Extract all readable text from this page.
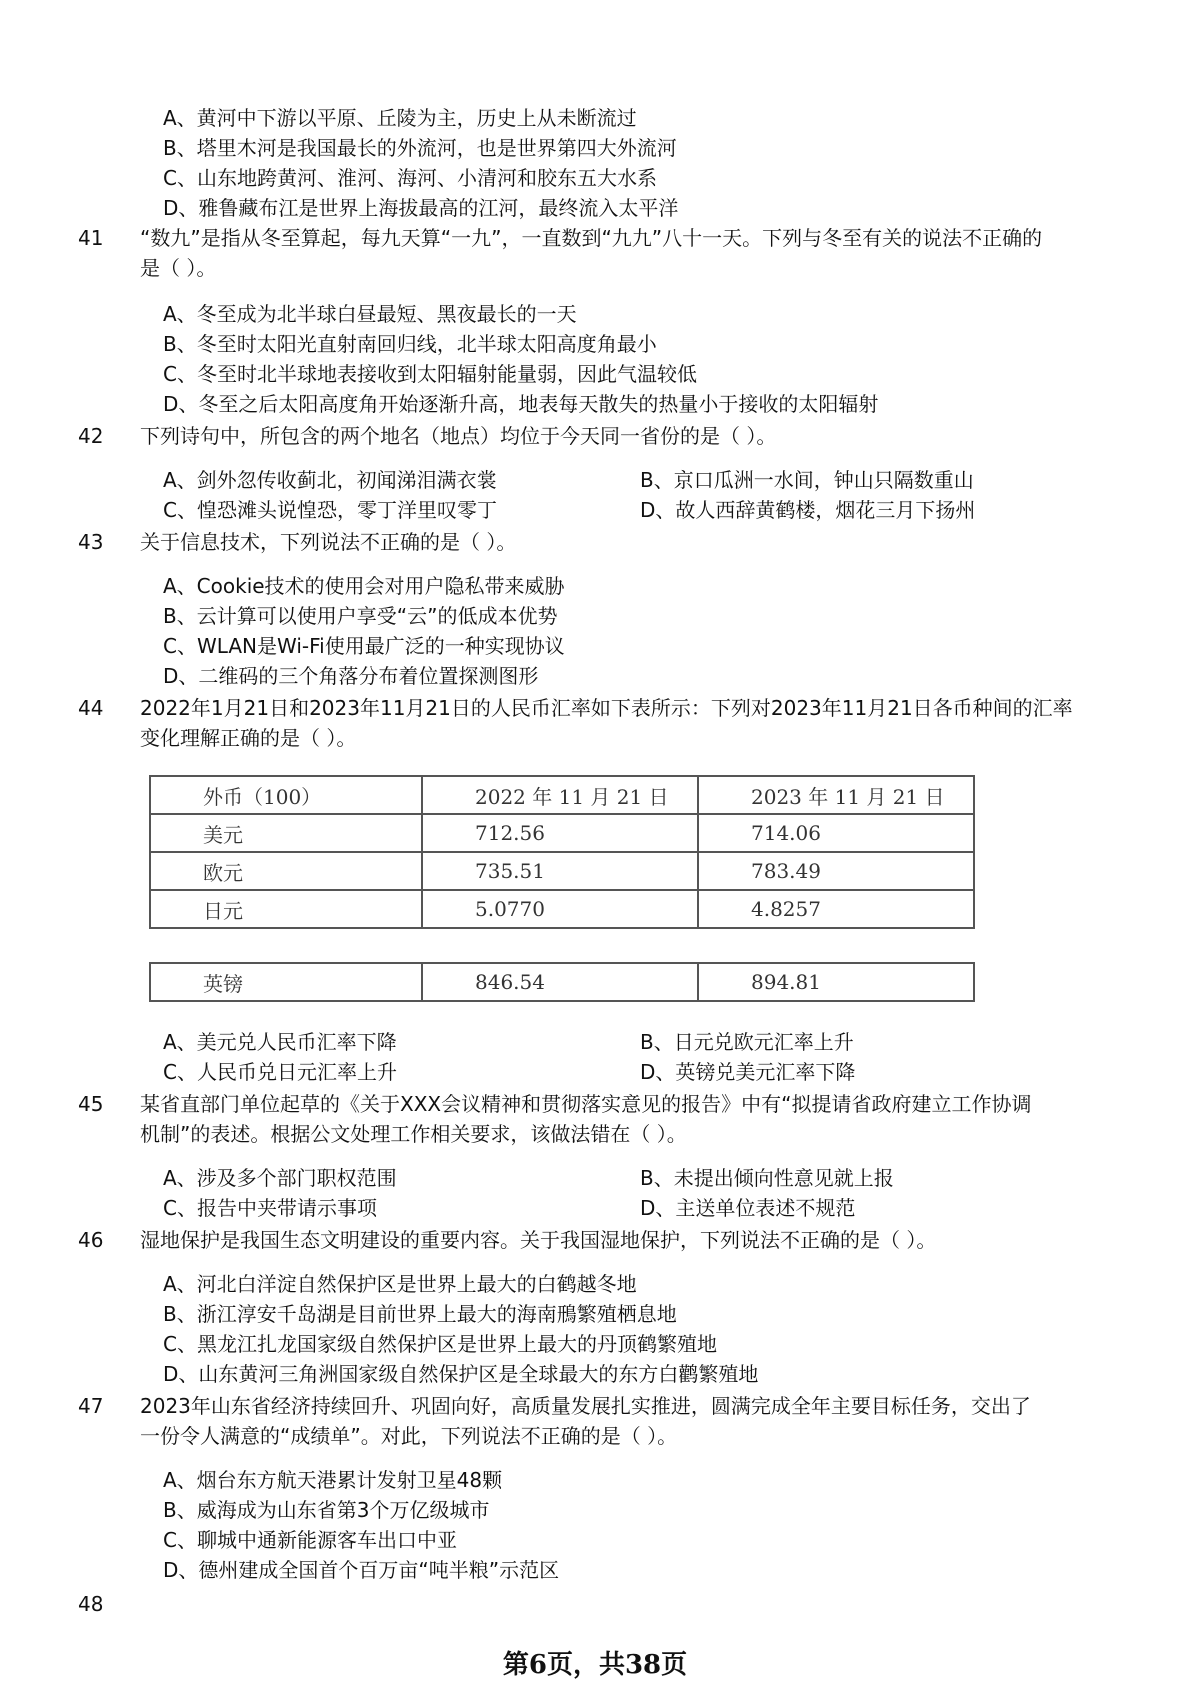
A、黄河中下游以平原、丘陵为主，历史上从未断流过
B、塔里木河是我国最长的外流河，也是世界第四大外流河
C、山东地跨黄河、淮河、海河、小清河和胶东五大水系
D、雅鲁藏布江是世界上海拔最高的江河，最终流入太平洋
41 “数九”是指从冬至算起，每九天算“一九”，一直数到“九九”八十一天。下列与冬至有关的说法不正确的
是（ ）。
A、冬至成为北半球白昼最短、黑夜最长的一天
B、冬至时太阳光直射南回归线，北半球太阳高度角最小
C、冬至时北半球地表接收到太阳辐射能量弱，因此气温较低
D、冬至之后太阳高度角开始逐渐升高，地表每天散失的热量小于接收的太阳辐射
42 下列诗句中，所包含的两个地名（地点）均位于今天同一省份的是（ ）。
A、剑外忽传收蓟北，初闻涕泪满衣裳	B、京口瓜洲一水间，钟山只隔数重山
C、惶恐滩头说惶恐，零丁洋里叹零丁	D、故人西辞黄鹤楼，烟花三月下扬州
43 关于信息技术，下列说法不正确的是（ ）。
A、Cookie技术的使用会对用户隐私带来威胁
B、云计算可以使用户享受“云”的低成本优势
C、WLAN是Wi-Fi使用最广泛的一种实现协议
D、二维码的三个角落分布着位置探测图形
44 2022年1月21日和2023年11月21日的人民币汇率如下表所示：下列对2023年11月21日各币种间的汇率
变化理解正确的是（ ）。
外币（100）	2022 年 11 月 21 日	2023 年 11 月 21 日
美元	712.56	714.06
欧元	735.51	783.49
日元	5.0770	4.8257
英镑	846.54	894.81
A、美元兑人民币汇率下降	B、日元兑欧元汇率上升
C、人民币兑日元汇率上升	D、英镑兑美元汇率下降
45 某省直部门单位起草的《关于XXX会议精神和贯彻落实意见的报告》中有“拟提请省政府建立工作协调
机制”的表述。根据公文处理工作相关要求，该做法错在（ ）。
A、涉及多个部门职权范围	B、未提出倾向性意见就上报
C、报告中夹带请示事项	D、主送单位表述不规范
46 湿地保护是我国生态文明建设的重要内容。关于我国湿地保护，下列说法不正确的是（ ）。
A、河北白洋淀自然保护区是世界上最大的白鹤越冬地
B、浙江淳安千岛湖是目前世界上最大的海南鳽繁殖栖息地
C、黑龙江扎龙国家级自然保护区是世界上最大的丹顶鹤繁殖地
D、山东黄河三角洲国家级自然保护区是全球最大的东方白鹳繁殖地
47 2023年山东省经济持续回升、巩固向好，高质量发展扎实推进，圆满完成全年主要目标任务，交出了
一份令人满意的“成绩单”。对此，下列说法不正确的是（ ）。
A、烟台东方航天港累计发射卫星48颗
B、威海成为山东省第3个万亿级城市
C、聊城中通新能源客车出口中亚
D、德州建成全国首个百万亩“吨半粮”示范区
48
第6页，共38页
